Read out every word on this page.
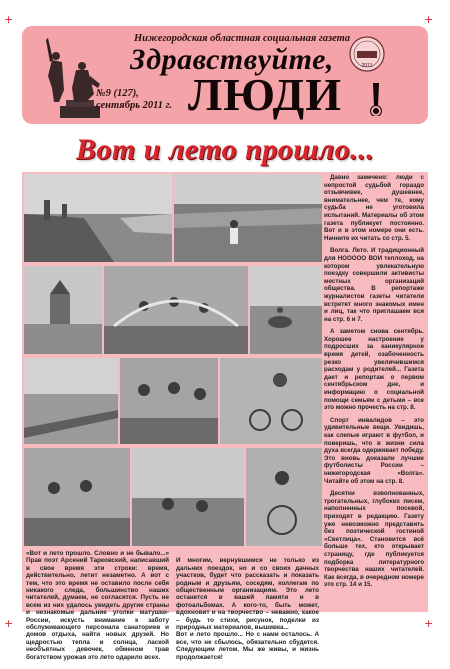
+	+
+	+
Нижегородская областная социальная газета
Здравствуйте,
ЛЮДИ
№9 (127),
сентябрь 2011 г.
2011
Вот и лето прошло...

Давно замечено: люди с непростой судьбой гораздо отзывчивее, душевнее, внимательнее, чем те, кому судьба не уготовила испытаний. Материалы об этом газета публикует постоянно. Вот и в этом номере они есть. Начните их читать со стр. 5.

Волга. Лето. И традиционный для НООООО ВОИ теплоход, на котором увлекательную поездку совершили активисты местных организаций общества. В репортаже журналистов газеты читатели встретят много знакомых имен и лиц, так что приглашаем вся на стр. 6 и 7.

А заметом снова сентябрь. Хорошее настроение у подросших за каникулярное время детей, озабоченность резко увеличившимся расходам у родителей... Газета дает и репортаж о первом сентябрьском дне, и информацию о социальной помощи семьям с детьми – все это можно прочесть на стр. 8.

Спорт инвалидов – это удивительные вещи. Увидишь, как слепые играют в футбол, и поверишь, что в жизни сила духа всегда одерживает победу. Это вновь доказали лучшие футболисты России – нижегородская «Волга». Читайте об этом на стр. 8.

Десятки взволнованных, трогательных, глубоких писем, наполненных посевой, приходят в редакцию. Газету уже невозможно представить без поэтической гостиной «Светлица». Становится всё больше тех, кто открывает страницу, где публикуется подборка литературного творчества наших читателей. Как всегда, в очередном номере это стр. 14 и 15.

«Вот и лето прошло. Словно и не бывало...» Прав поэт Арсений Тарковский, написавший в свое время эти строки: время, действительно, летит незаметно. А вот с тем, что это время не оставило после себя никакого следа, большинство наших читателей, думаем, не согласятся. Пусть не всем из них удалось увидеть другие страны и незнакомые дальние уголки матушки-России, искусть внимание к заботу обслуживающего персонала санаториев и домов отдыха, найти новых друзей. Но щедростью тепла и солнца, лаской необъятных девочек, обменом трав богатством урожая это лето одарило всех.

И многим, вернувшимся не только из дальних поездок, но и со своих дачных участков, будет что рассказать и показать родным и друзьям, соседям, коллегам по общественным организациям. Это лето останется в вашей памяти и в фотоальбомах. А кого-то, быть может, вдохновит и на творчество – неважно, какое – будь то стихи, рисунок, поделки из природных материалов, вышивка...
Вот и лето прошло... Но с нами осталось. А все, что не сбылось, обязательно сбудется. Следующим летом. Мы же живы, и жизнь продолжается!
